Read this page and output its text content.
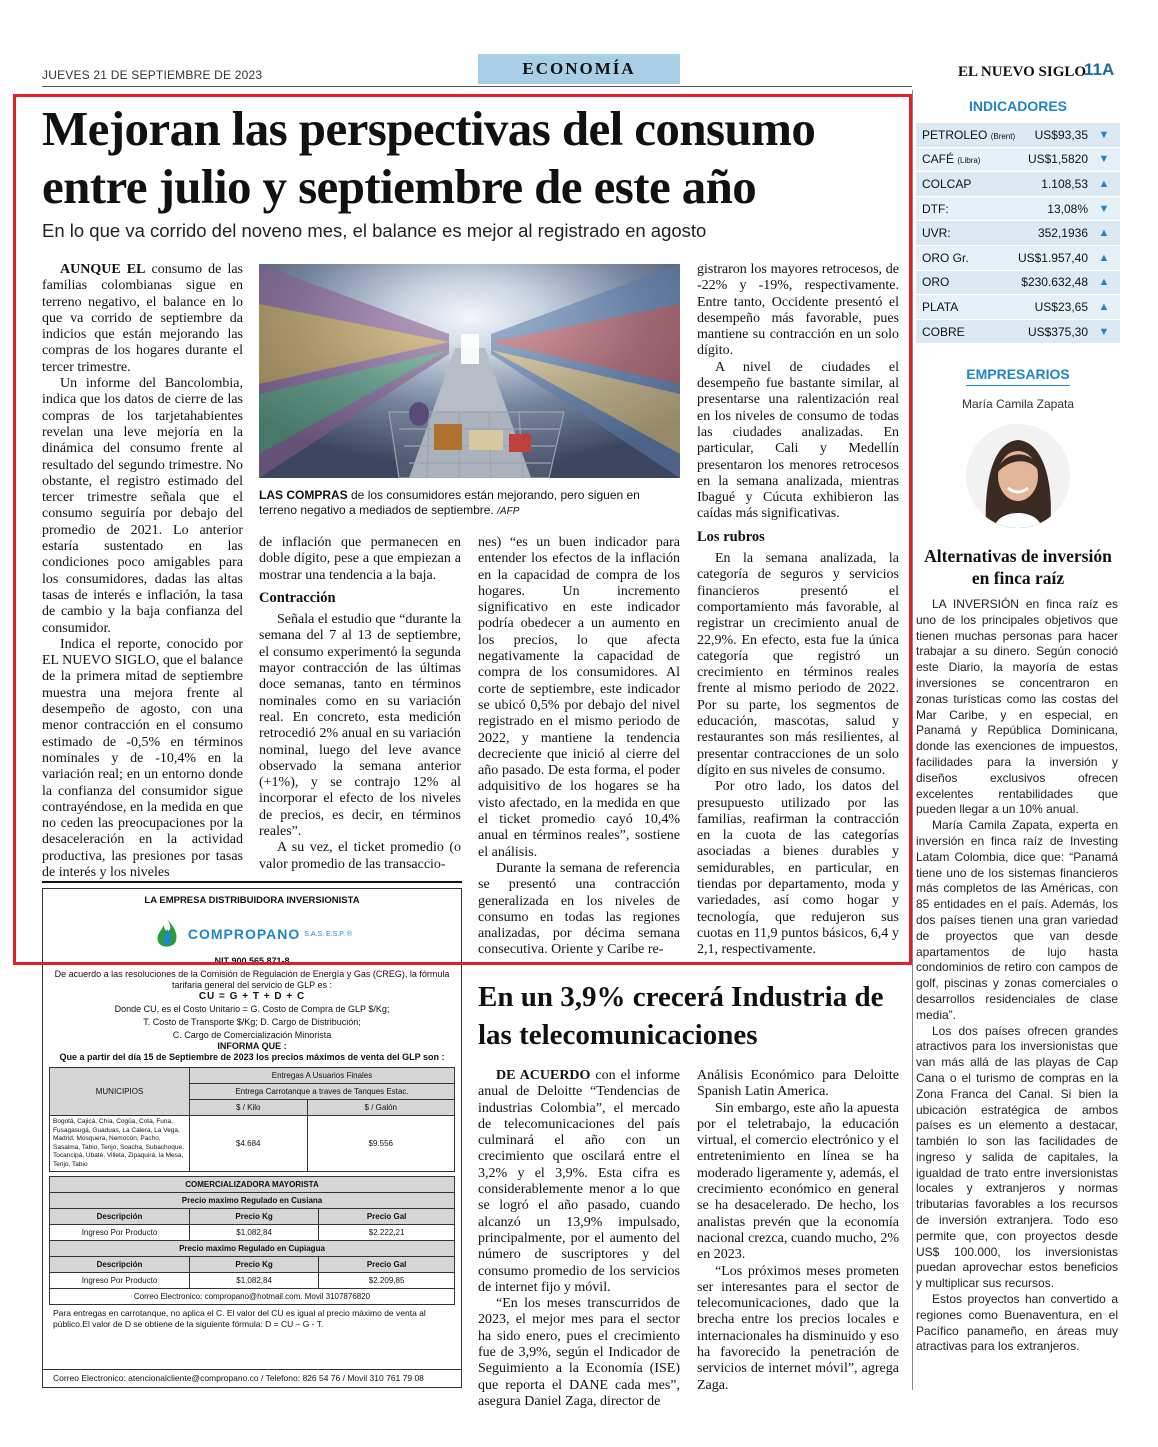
JUEVES 21 DE SEPTIEMBRE DE 2023	ECONOMÍA	EL NUEVO SIGLO
11A
Mejoran las perspectivas del consumo entre julio y septiembre de este año
En lo que va corrido del noveno mes, el balance es mejor al registrado en agosto

AUNQUE EL consumo de las familias colombianas sigue en terreno negativo, el balance en lo que va corrido de septiembre da indicios que están mejorando las compras de los hogares durante el tercer trimestre.

Un informe del Bancolombia, indica que los datos de cierre de las compras de los tarjetahabientes revelan una leve mejoría en la dinámica del consumo frente al resultado del segundo trimestre. No obstante, el registro estimado del tercer trimestre señala que el consumo seguiría por debajo del promedio de 2021. Lo anterior estaría sustentado en las condiciones poco amigables para los consumidores, dadas las altas tasas de interés e inflación, la tasa de cambio y la baja confianza del consumidor.

Indica el reporte, conocido por EL NUEVO SIGLO, que el balance de la primera mitad de septiembre muestra una mejora frente al desempeño de agosto, con una menor contracción en el consumo estimado de -0,5% en términos nominales y de -10,4% en la variación real; en un entorno donde la confianza del consumidor sigue contrayéndose, en la medida en que no ceden las preocupaciones por la desaceleración en la actividad productiva, las presiones por tasas de interés y los niveles

LAS COMPRAS de los consumidores están mejorando, pero siguen en terreno negativo a mediados de septiembre. /AFP

de inflación que permanecen en doble dígito, pese a que empiezan a mostrar una tendencia a la baja.

Contracción

Señala el estudio que “durante la semana del 7 al 13 de septiembre, el consumo experimentó la segunda mayor contracción de las últimas doce semanas, tanto en términos nominales como en su variación real. En concreto, esta medición retrocedió 2% anual en su variación nominal, luego del leve avance observado la semana anterior (+1%), y se contrajo 12% al incorporar el efecto de los niveles de precios, es decir, en términos reales”.

A su vez, el ticket promedio (o valor promedio de las transaccio-

nes) “es un buen indicador para entender los efectos de la inflación en la capacidad de compra de los hogares. Un incremento significativo en este indicador podría obedecer a un aumento en los precios, lo que afecta negativamente la capacidad de compra de los consumidores. Al corte de septiembre, este indicador se ubicó 0,5% por debajo del nivel registrado en el mismo periodo de 2022, y mantiene la tendencia decreciente que inició al cierre del año pasado. De esta forma, el poder adquisitivo de los hogares se ha visto afectado, en la medida en que el ticket promedio cayó 10,4% anual en términos reales”, sostiene el análisis.

Durante la semana de referencia se presentó una contracción generalizada en los niveles de consumo en todas las regiones analizadas, por décima semana consecutiva. Oriente y Caribe re-

gistraron los mayores retrocesos, de -22% y -19%, respectivamente. Entre tanto, Occidente presentó el desempeño más favorable, pues mantiene su contracción en un solo dígito.

A nivel de ciudades el desempeño fue bastante similar, al presentarse una ralentización real en los niveles de consumo de todas las ciudades analizadas. En particular, Cali y Medellín presentaron los menores retrocesos en la semana analizada, mientras Ibagué y Cúcuta exhibieron las caídas más significativas.

Los rubros

En la semana analizada, la categoría de seguros y servicios financieros presentó el comportamiento más favorable, al registrar un crecimiento anual de 22,9%. En efecto, esta fue la única categoría que registró un crecimiento en términos reales frente al mismo periodo de 2022. Por su parte, los segmentos de educación, mascotas, salud y restaurantes son más resilientes, al presentar contracciones de un solo dígito en sus niveles de consumo.

Por otro lado, los datos del presupuesto utilizado por las familias, reafirman la contracción en la cuota de las categorías asociadas a bienes durables y semidurables, en particular, en tiendas por departamento, moda y variedades, así como hogar y tecnología, que redujeron sus cuotas en 11,9 puntos básicos, 6,4 y 2,1, respectivamente.

LA EMPRESA DISTRIBUIDORA INVERSIONISTA
COMPROPANO S.A.S. E.S.P. ®
NIT 900 565 871-8
De acuerdo a las resoluciones de la Comisión de Regulación de Energía y Gas (CREG), la fórmula tarifaria general del servicio de GLP es :
CU = G + T + D + C
Donde CU, es el Costo Unitario = G. Costo de Compra de GLP $/Kg;
T. Costo de Transporte $/Kg; D. Cargo de Distribución;
C. Cargo de Comercialización Minorista
INFORMA QUE :
Que a partir del día 15 de Septiembre de 2023 los precios máximos de venta del GLP son :
MUNICIPIOS	Entregas A Usuarios Finales	
	Entrega Carrotanque a traves de Tanques Estac.	
	$ / Kilo	$ / Galón
Bogotá, Cajicá, Chía, Cogüa, Cota, Funa, Fusagasugá, Guaduas, La Calera, La Vega, Madrid, Mosquera, Nemocón, Pacho, Sasaima, Tabio, Tenjo, Soacha, Subachoque, Tocancipá, Ubaté, Villeta, Zipaquirá, la Mesa, Tenjo, Tabio	$4.684	$9.556
COMERCIALIZADORA MAYORISTA		
Precio maximo Regulado en Cusiana		
Descripción	Precio Kg	Precio Gal
Ingreso Por Producto	$1.082,84	$2.222,21
Precio maximo Regulado en Cupiagua		
Descripción	Precio Kg	Precio Gal
Ingreso Por Producto	$1.082,84	$2.209,85
Correo Electronico: compropano@hotmail.com. Movil 3107876820		
Para entregas en carrotanque, no aplica el C. El valor del CU es igual al precio máximo de venta al público.El valor de D se obtiene de la siguiente fórmula: D = CU – G - T.
Correo Electronico: atencionalcliente@compropano.co / Telefono: 826 54 76 / Movil 310 761 79 08
En un 3,9% crecerá Industria de las telecomunicaciones

DE ACUERDO con el informe anual de Deloitte “Tendencias de industrias Colombia”, el mercado de telecomunicaciones del país culminará el año con un crecimiento que oscilará entre el 3,2% y el 3,9%. Esta cifra es considerablemente menor a lo que se logró el año pasado, cuando alcanzó un 13,9% impulsado, principalmente, por el aumento del número de suscriptores y del consumo promedio de los servicios de internet fijo y móvil.

“En los meses transcurridos de 2023, el mejor mes para el sector ha sido enero, pues el crecimiento fue de 3,9%, según el Indicador de Seguimiento a la Economía (ISE) que reporta el DANE cada mes”, asegura Daniel Zaga, director de

Análisis Económico para Deloitte Spanish Latin America.

Sin embargo, este año la apuesta por el teletrabajo, la educación virtual, el comercio electrónico y el entretenimiento en línea se ha moderado ligeramente y, además, el crecimiento económico en general se ha desacelerado. De hecho, los analistas prevén que la economía nacional crezca, cuando mucho, 2% en 2023.

“Los próximos meses prometen ser interesantes para el sector de telecomunicaciones, dado que la brecha entre los precios locales e internacionales ha disminuido y eso ha favorecido la penetración de servicios de internet móvil”, agrega Zaga.

INDICADORES
PETROLEO (Brent)	US$93,35 ▼
CAFÉ (Libra)	US$1,5820 ▼
COLCAP	1.108,53 ▲
DTF:	13,08% ▼
UVR:	352,1936 ▲
ORO Gr.	US$1.957,40 ▲
ORO	$230.632,48 ▲
PLATA	US$23,65 ▲
COBRE	US$375,30 ▼
EMPRESARIOS
María Camila Zapata
Alternativas de inversión en finca raíz

LA INVERSIÓN en finca raíz es uno de los principales objetivos que tienen muchas personas para hacer trabajar a su dinero. Según conoció este Diario, la mayoría de estas inversiones se concentraron en zonas turísticas como las costas del Mar Caribe, y en especial, en Panamá y República Dominicana, donde las exenciones de impuestos, facilidades para la inversión y diseños exclusivos ofrecen excelentes rentabilidades que pueden llegar a un 10% anual.

María Camila Zapata, experta en inversión en finca raíz de Investing Latam Colombia, dice que: “Panamá tiene uno de los sistemas financieros más completos de las Américas, con 85 entidades en el país. Además, los dos países tienen una gran variedad de proyectos que van desde apartamentos de lujo hasta condominios de retiro con campos de golf, piscinas y zonas comerciales o desarrollos residenciales de clase media”.

Los dos países ofrecen grandes atractivos para los inversionistas que van más allá de las playas de Cap Cana o el turismo de compras en la Zona Franca del Canal. Si bien la ubicación estratégica de ambos países es un elemento a destacar, también lo son las facilidades de ingreso y salida de capitales, la igualdad de trato entre inversionistas locales y extranjeros y normas tributarias favorables a los recursos de inversión extranjera. Todo eso permite que, con proyectos desde US$ 100.000, los inversionistas puedan aprovechar estos beneficios y multiplicar sus recursos.

Estos proyectos han convertido a regiones como Buenaventura, en el Pacífico panameño, en áreas muy atractivas para los extranjeros.
